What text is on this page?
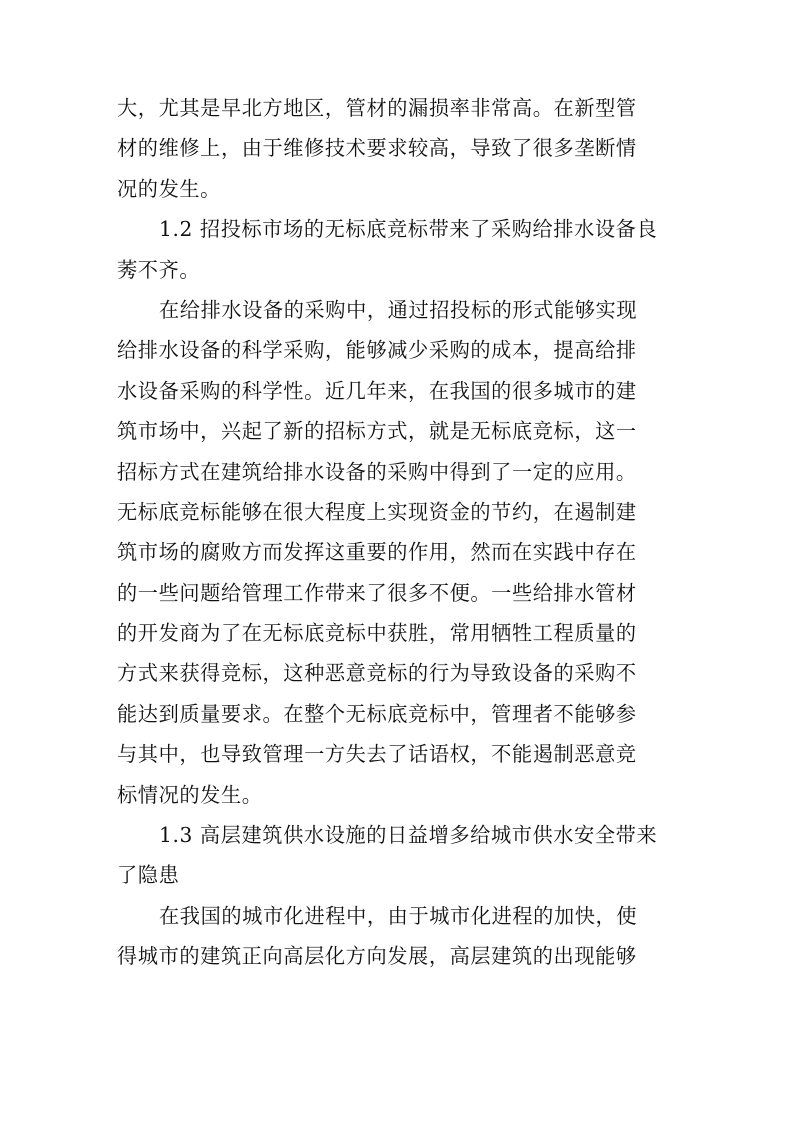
大，尤其是早北方地区，管材的漏损率非常高。在新型管
材的维修上，由于维修技术要求较高，导致了很多垄断情
况的发生。
1.2 招投标市场的无标底竞标带来了采购给排水设备良
莠不齐。
在给排水设备的采购中，通过招投标的形式能够实现
给排水设备的科学采购，能够减少采购的成本，提高给排
水设备采购的科学性。近几年来，在我国的很多城市的建
筑市场中，兴起了新的招标方式，就是无标底竞标，这一
招标方式在建筑给排水设备的采购中得到了一定的应用。
无标底竞标能够在很大程度上实现资金的节约，在遏制建
筑市场的腐败方而发挥这重要的作用，然而在实践中存在
的一些问题给管理工作带来了很多不便。一些给排水管材
的开发商为了在无标底竞标中获胜，常用牺牲工程质量的
方式来获得竞标，这种恶意竞标的行为导致设备的采购不
能达到质量要求。在整个无标底竞标中，管理者不能够参
与其中，也导致管理一方失去了话语权，不能遏制恶意竞
标情况的发生。
1.3 高层建筑供水设施的日益增多给城市供水安全带来
了隐患
在我国的城市化进程中，由于城市化进程的加快，使
得城市的建筑正向高层化方向发展，高层建筑的出现能够
